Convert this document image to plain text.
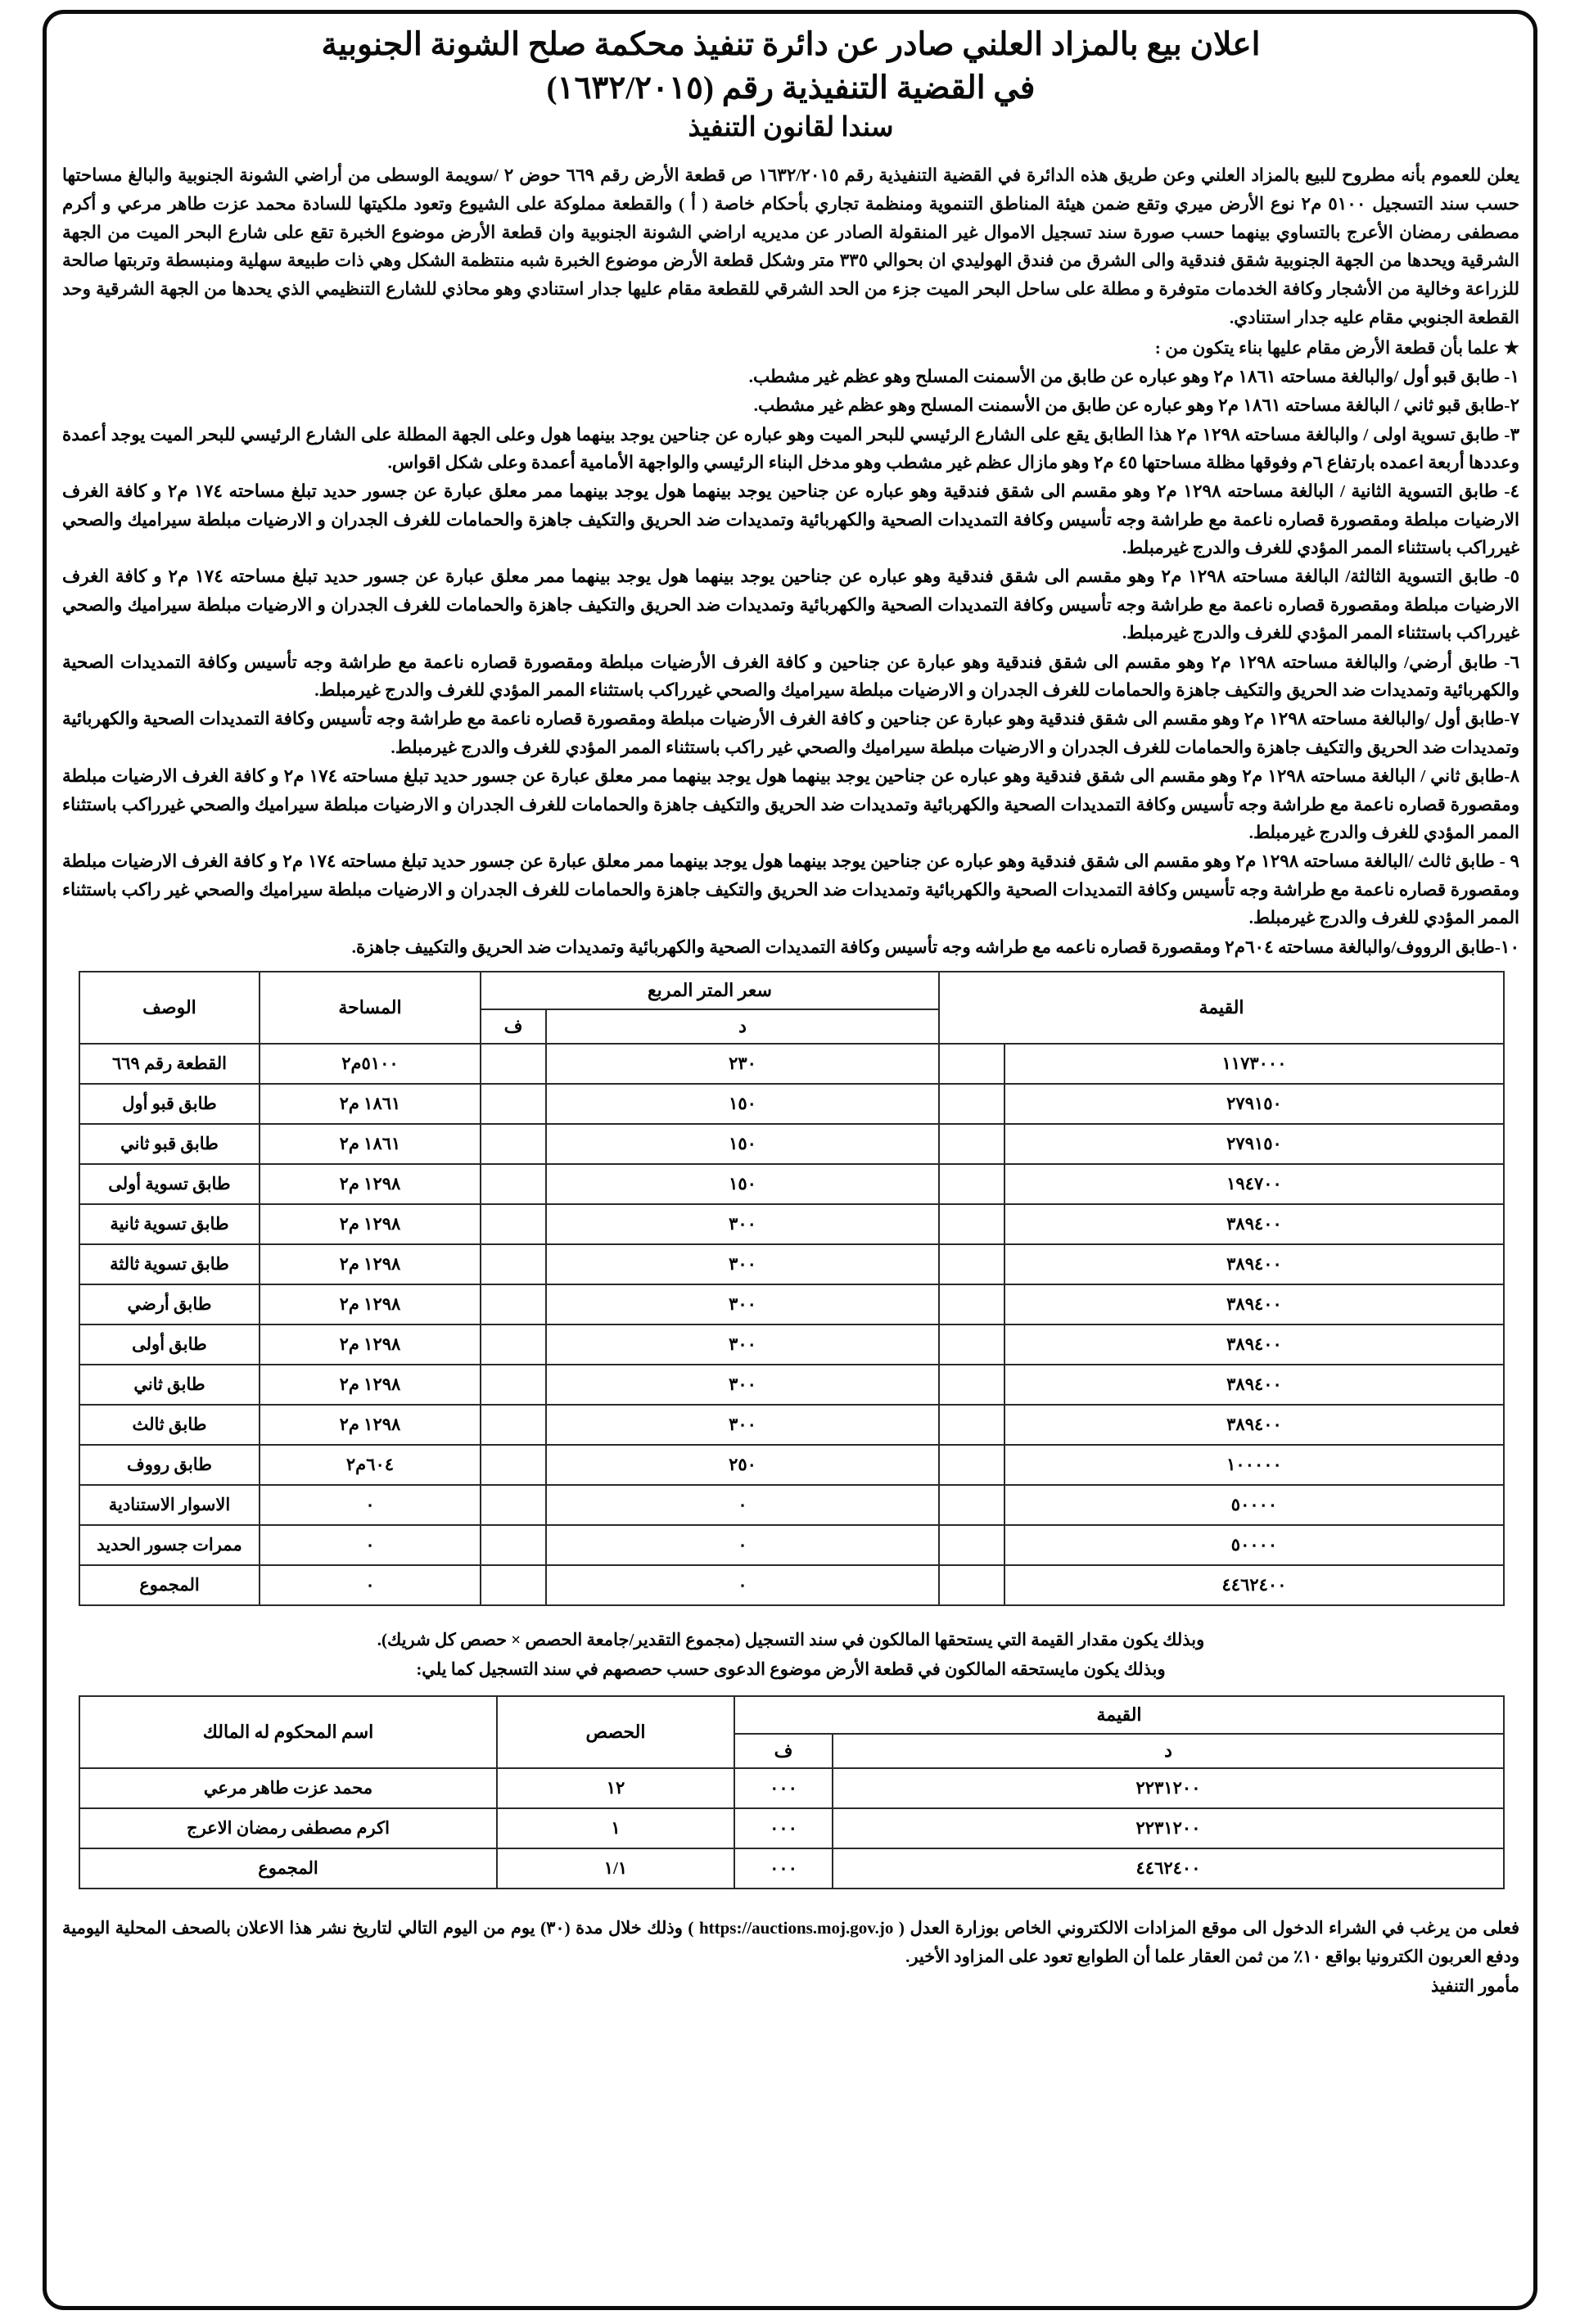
اعلان بيع بالمزاد العلني صادر عن دائرة تنفيذ محكمة صلح الشونة الجنوبية
في القضية التنفيذية رقم (١٦٣٢/٢٠١٥)
سندا لقانون التنفيذ
يعلن للعموم بأنه مطروح للبيع بالمزاد العلني وعن طريق هذه الدائرة في القضية التنفيذية رقم ١٦٣٢/٢٠١٥ ص قطعة الأرض رقم ٦٦٩ حوض ٢ /سويمة الوسطى من أراضي الشونة الجنوبية والبالغ مساحتها حسب سند التسجيل ٥١٠٠ م٢ نوع الأرض ميري وتقع ضمن هيئة المناطق التنموية ومنظمة تجاري بأحكام خاصة ( أ ) والقطعة مملوكة على الشيوع وتعود ملكيتها للسادة محمد عزت طاهر مرعي و أكرم مصطفى رمضان الأعرج بالتساوي بينهما حسب صورة سند تسجيل الاموال غير المنقولة الصادر عن مديريه اراضي الشونة الجنوبية وان قطعة الأرض موضوع الخبرة تقع على شارع البحر الميت من الجهة الشرقية ويحدها من الجهة الجنوبية شقق فندقية والى الشرق من فندق الهوليدي ان بحوالي ٣٣٥ متر وشكل قطعة الأرض موضوع الخبرة شبه منتظمة الشكل وهي ذات طبيعة سهلية ومنبسطة وتربتها صالحة للزراعة وخالية من الأشجار وكافة الخدمات متوفرة و مطلة على ساحل البحر الميت جزء من الحد الشرقي للقطعة مقام عليها جدار استنادي وهو محاذي للشارع التنظيمي الذي يحدها من الجهة الشرقية وحد القطعة الجنوبي مقام عليه جدار استنادي.
★ علما بأن قطعة الأرض مقام عليها بناء يتكون من :
١- طابق قبو أول /والبالغة مساحته ١٨٦١ م٢ وهو عباره عن طابق من الأسمنت المسلح وهو عظم غير مشطب.
٢-طابق قبو ثاني / البالغة مساحته ١٨٦١ م٢ وهو عباره عن طابق من الأسمنت المسلح وهو عظم غير مشطب.
٣- طابق تسوية اولى / والبالغة مساحته ١٢٩٨ م٢ هذا الطابق يقع على الشارع الرئيسي للبحر الميت وهو عباره عن جناحين يوجد بينهما هول وعلى الجهة المطلة على الشارع الرئيسي للبحر الميت يوجد أعمدة وعددها أربعة اعمده بارتفاع ٦م وفوقها مظلة مساحتها ٤٥ م٢ وهو مازال عظم غير مشطب وهو مدخل البناء الرئيسي والواجهة الأمامية أعمدة وعلى شكل اقواس.
٤- طابق التسوية الثانية / البالغة مساحته ١٢٩٨ م٢ وهو مقسم الى شقق فندقية وهو عباره عن جناحين يوجد بينهما هول يوجد بينهما ممر معلق عبارة عن جسور حديد تبلغ مساحته ١٧٤ م٢ و كافة الغرف الارضيات مبلطة ومقصورة قصاره ناعمة مع طراشة وجه تأسيس وكافة التمديدات الصحية والكهربائية وتمديدات ضد الحريق والتكيف جاهزة والحمامات للغرف الجدران و الارضيات مبلطة سيراميك والصحي غيرراكب باستثناء الممر المؤدي للغرف والدرج غيرمبلط.
٥- طابق التسوية الثالثة/ البالغة مساحته ١٢٩٨ م٢ وهو مقسم الى شقق فندقية وهو عباره عن جناحين يوجد بينهما هول يوجد بينهما ممر معلق عبارة عن جسور حديد تبلغ مساحته ١٧٤ م٢ و كافة الغرف الارضيات مبلطة ومقصورة قصاره ناعمة مع طراشة وجه تأسيس وكافة التمديدات الصحية والكهربائية وتمديدات ضد الحريق والتكيف جاهزة والحمامات للغرف الجدران و الارضيات مبلطة سيراميك والصحي غيرراكب باستثناء الممر المؤدي للغرف والدرج غيرمبلط.
٦- طابق أرضي/ والبالغة مساحته ١٢٩٨ م٢ وهو مقسم الى شقق فندقية وهو عبارة عن جناحين و كافة الغرف الأرضيات مبلطة ومقصورة قصاره ناعمة مع طراشة وجه تأسيس وكافة التمديدات الصحية والكهربائية وتمديدات ضد الحريق والتكيف جاهزة والحمامات للغرف الجدران و الارضيات مبلطة سيراميك والصحي غيرراكب باستثناء الممر المؤدي للغرف والدرج غيرمبلط.
٧-طابق أول /والبالغة مساحته ١٢٩٨ م٢ وهو مقسم الى شقق فندقية وهو عبارة عن جناحين و كافة الغرف الأرضيات مبلطة ومقصورة قصاره ناعمة مع طراشة وجه تأسيس وكافة التمديدات الصحية والكهربائية وتمديدات ضد الحريق والتكيف جاهزة والحمامات للغرف الجدران و الارضيات مبلطة سيراميك والصحي غير راكب باستثناء الممر المؤدي للغرف والدرج غيرمبلط.
٨-طابق ثاني / البالغة مساحته ١٢٩٨ م٢ وهو مقسم الى شقق فندقية وهو عباره عن جناحين يوجد بينهما هول يوجد بينهما ممر معلق عبارة عن جسور حديد تبلغ مساحته ١٧٤ م٢ و كافة الغرف الارضيات مبلطة ومقصورة قصاره ناعمة مع طراشة وجه تأسيس وكافة التمديدات الصحية والكهربائية وتمديدات ضد الحريق والتكيف جاهزة والحمامات للغرف الجدران و الارضيات مبلطة سيراميك والصحي غيرراكب باستثناء الممر المؤدي للغرف والدرج غيرمبلط.
٩ - طابق ثالث /البالغة مساحته ١٢٩٨ م٢ وهو مقسم الى شقق فندقية وهو عباره عن جناحين يوجد بينهما هول يوجد بينهما ممر معلق عبارة عن جسور حديد تبلغ مساحته ١٧٤ م٢ و كافة الغرف الارضيات مبلطة ومقصورة قصاره ناعمة مع طراشة وجه تأسيس وكافة التمديدات الصحية والكهربائية وتمديدات ضد الحريق والتكيف جاهزة والحمامات للغرف الجدران و الارضيات مبلطة سيراميك والصحي غير راكب باستثناء الممر المؤدي للغرف والدرج غيرمبلط.
١٠-طابق الرووف/والبالغة مساحته ٦٠٤م٢ ومقصورة قصاره ناعمه مع طراشه وجه تأسيس وكافة التمديدات الصحية والكهربائية وتمديدات ضد الحريق والتكييف جاهزة.
القيمة		سعر المتر المربع		المساحة	الوصف
		د	ف		
١١٧٣٠٠٠		٢٣٠		٥١٠٠م٢	القطعة رقم ٦٦٩
٢٧٩١٥٠		١٥٠		١٨٦١ م٢	طابق قبو أول
٢٧٩١٥٠		١٥٠		١٨٦١ م٢	طابق قبو ثاني
١٩٤٧٠٠		١٥٠		١٢٩٨ م٢	طابق تسوية أولى
٣٨٩٤٠٠		٣٠٠		١٢٩٨ م٢	طابق تسوية ثانية
٣٨٩٤٠٠		٣٠٠		١٢٩٨ م٢	طابق تسوية ثالثة
٣٨٩٤٠٠		٣٠٠		١٢٩٨ م٢	طابق أرضي
٣٨٩٤٠٠		٣٠٠		١٢٩٨ م٢	طابق أولى
٣٨٩٤٠٠		٣٠٠		١٢٩٨ م٢	طابق ثاني
٣٨٩٤٠٠		٣٠٠		١٢٩٨ م٢	طابق ثالث
١٠٠٠٠٠		٢٥٠		٦٠٤م٢	طابق رووف
٥٠٠٠٠		٠		٠	الاسوار الاستنادية
٥٠٠٠٠		٠		٠	ممرات جسور الحديد
٤٤٦٢٤٠٠		٠		٠	المجموع
وبذلك يكون مقدار القيمة التي يستحقها المالكون في سند التسجيل (مجموع التقدير/جامعة الحصص × حصص كل شريك).
وبذلك يكون مايستحقه المالكون في قطعة الأرض موضوع الدعوى حسب حصصهم في سند التسجيل كما يلي:
القيمة		الحصص	اسم المحكوم له المالك
د	ف		
٢٢٣١٢٠٠	٠٠٠	١٢	محمد عزت طاهر مرعي
٢٢٣١٢٠٠	٠٠٠	١	اكرم مصطفى رمضان الاعرج
٤٤٦٢٤٠٠	٠٠٠	١/١	المجموع
فعلى من يرغب في الشراء الدخول الى موقع المزادات الالكتروني الخاص بوزارة العدل ( https://auctions.moj.gov.jo ) وذلك خلال مدة (٣٠) يوم من اليوم التالي لتاريخ نشر هذا الاعلان بالصحف المحلية اليومية ودفع العربون الكترونيا بواقع ١٠٪ من ثمن العقار علما أن الطوابع تعود على المزاود الأخير.
مأمور التنفيذ
